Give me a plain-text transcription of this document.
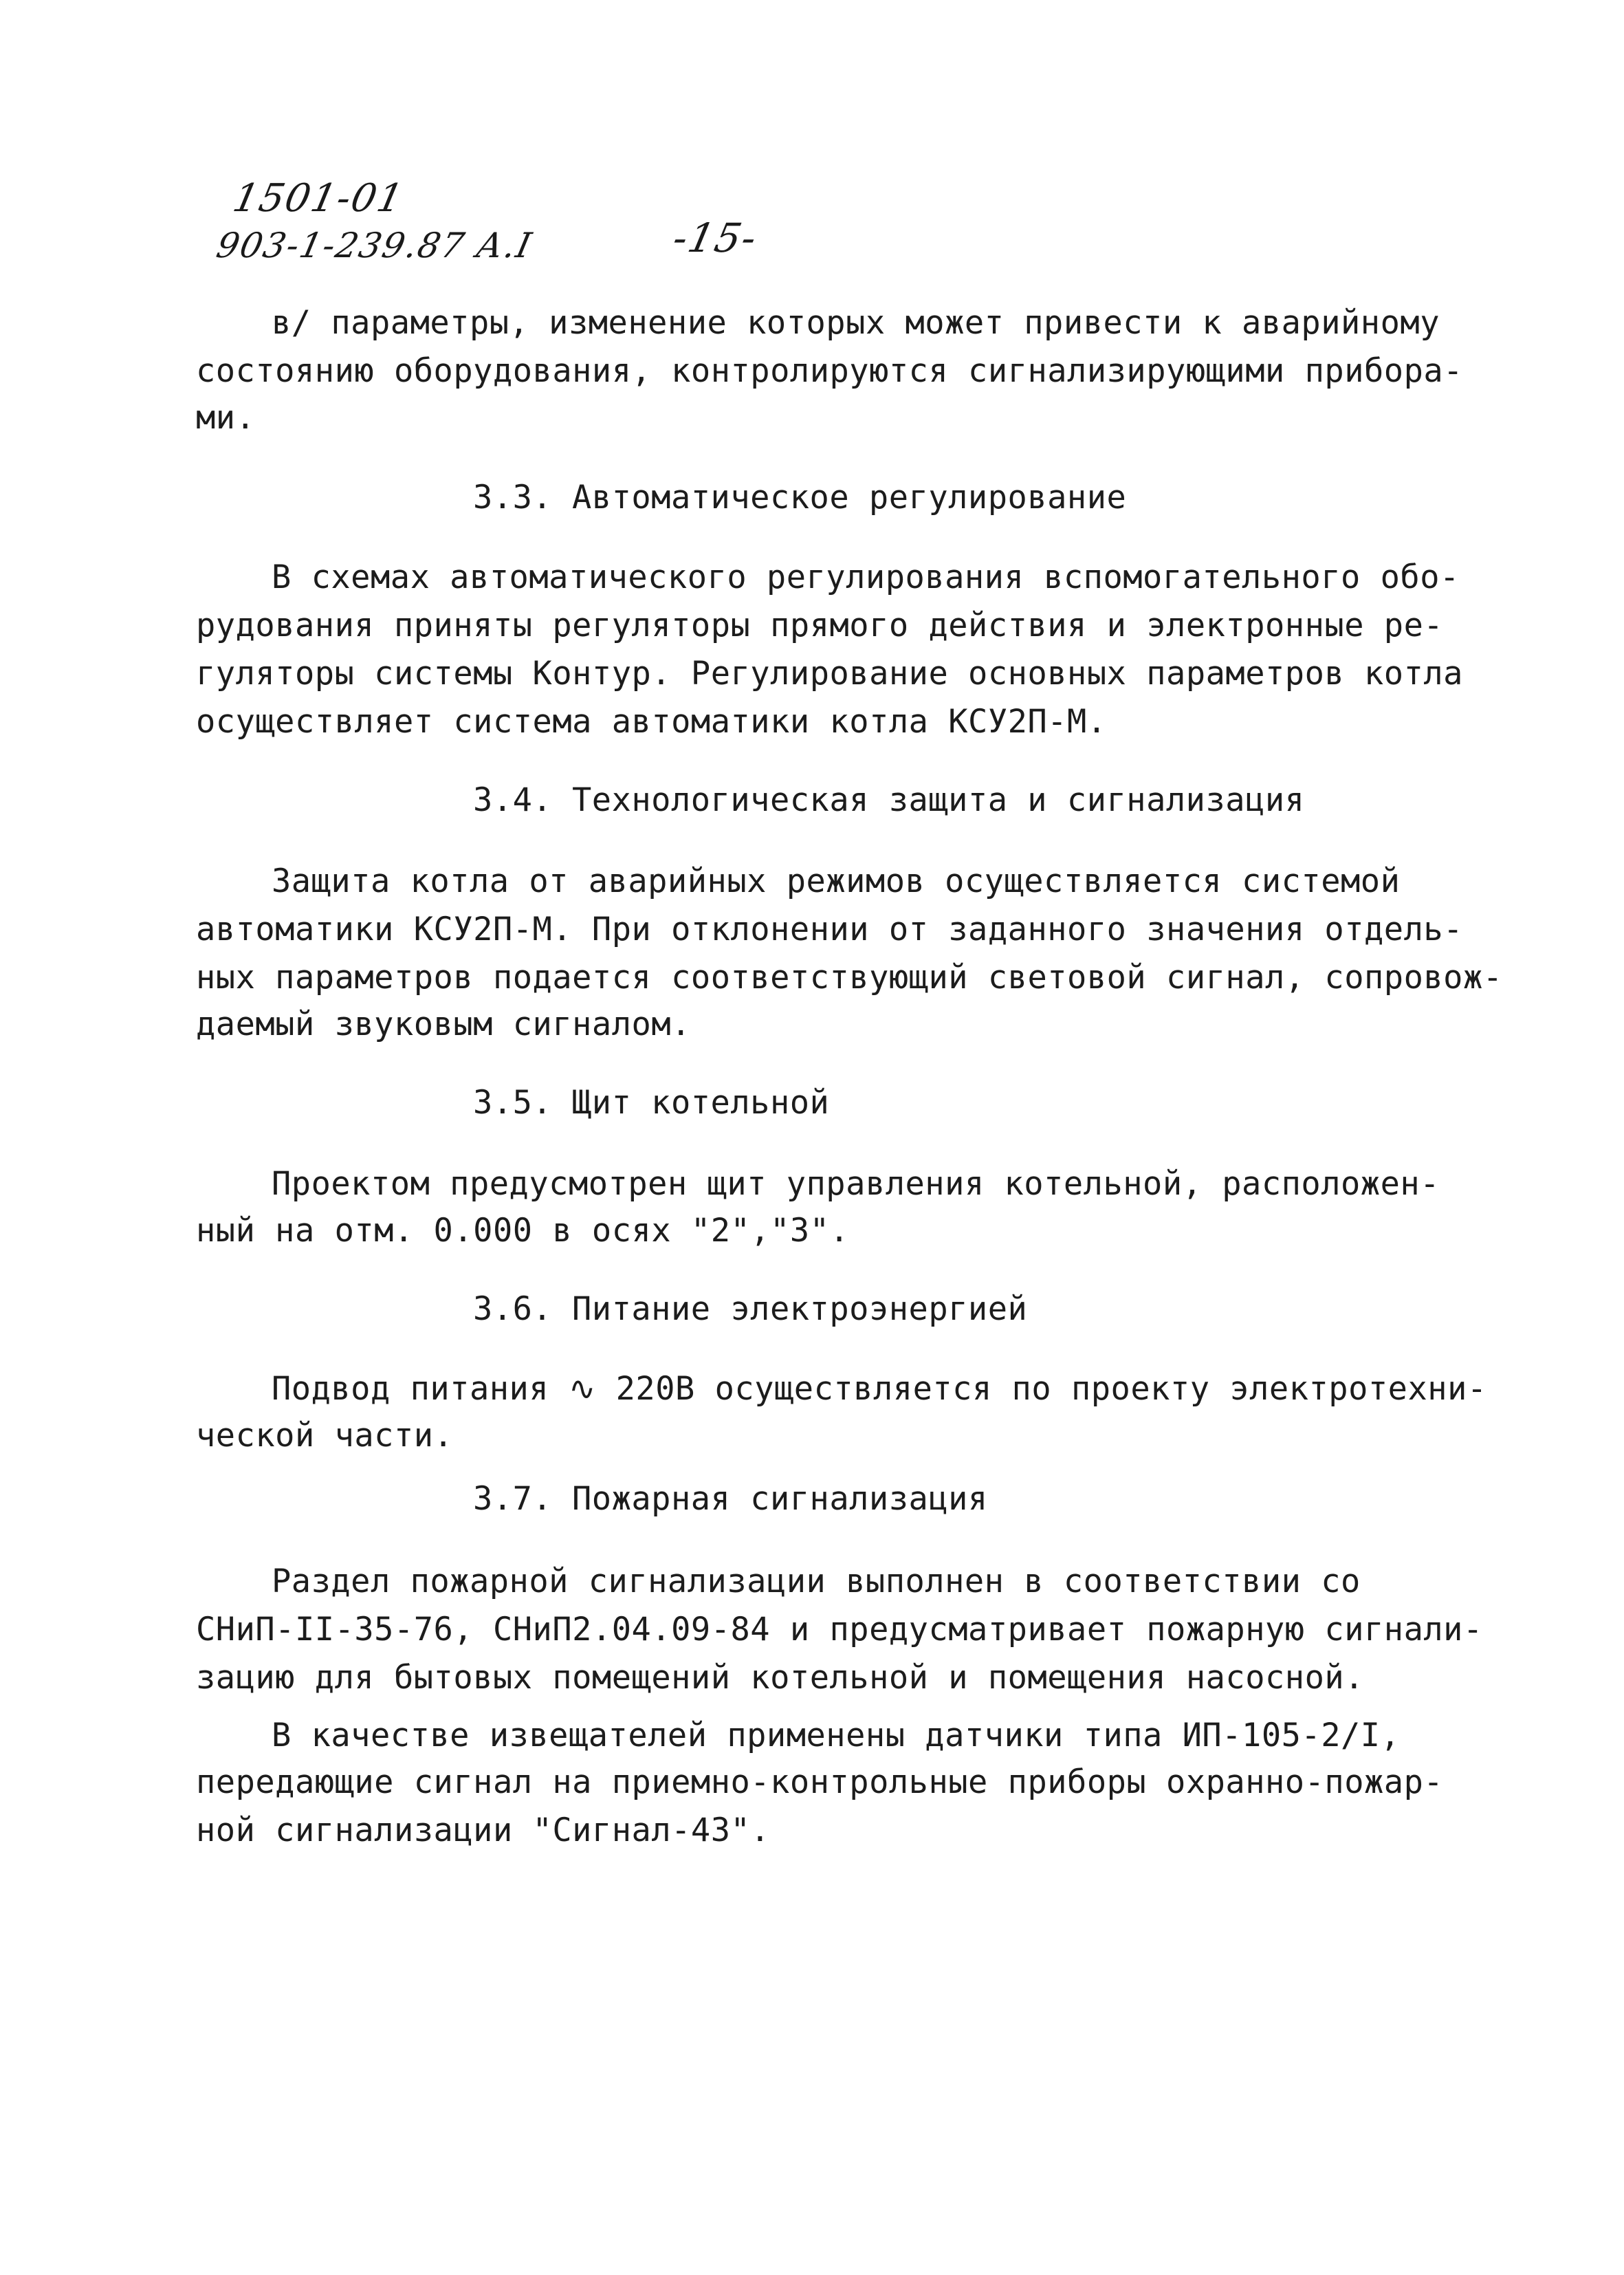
1501-01
903-1-239.87 А.I	-15-
в/ параметры, изменение которых может привести к аварийному
состоянию оборудования, контролируются сигнализирующими прибора-
ми.
3.3. Автоматическое регулирование
В схемах автоматического регулирования вспомогательного обо-
рудования приняты регуляторы прямого действия и электронные ре-
гуляторы системы Контур. Регулирование основных параметров котла
осуществляет система автоматики котла КСУ2П-М.
3.4. Технологическая защита и сигнализация
Защита котла от аварийных режимов осуществляется системой
автоматики КСУ2П-М. При отклонении от заданного значения отдель-
ных параметров подается соответствующий световой сигнал, сопровож-
даемый звуковым сигналом.
3.5. Щит котельной
Проектом предусмотрен щит управления котельной, расположен-
ный на отм. 0.000 в осях "2","3".
3.6. Питание электроэнергией
Подвод питания ∿ 220В осуществляется по проекту электротехни-
ческой части.
3.7. Пожарная сигнализация
Раздел пожарной сигнализации выполнен в соответствии со
СНиП-II-35-76, СНиП2.04.09-84 и предусматривает пожарную сигнали-
зацию для бытовых помещений котельной и помещения насосной.
В качестве извещателей применены датчики типа ИП-105-2/I,
передающие сигнал на приемно-контрольные приборы охранно-пожар-
ной сигнализации "Сигнал-43".
